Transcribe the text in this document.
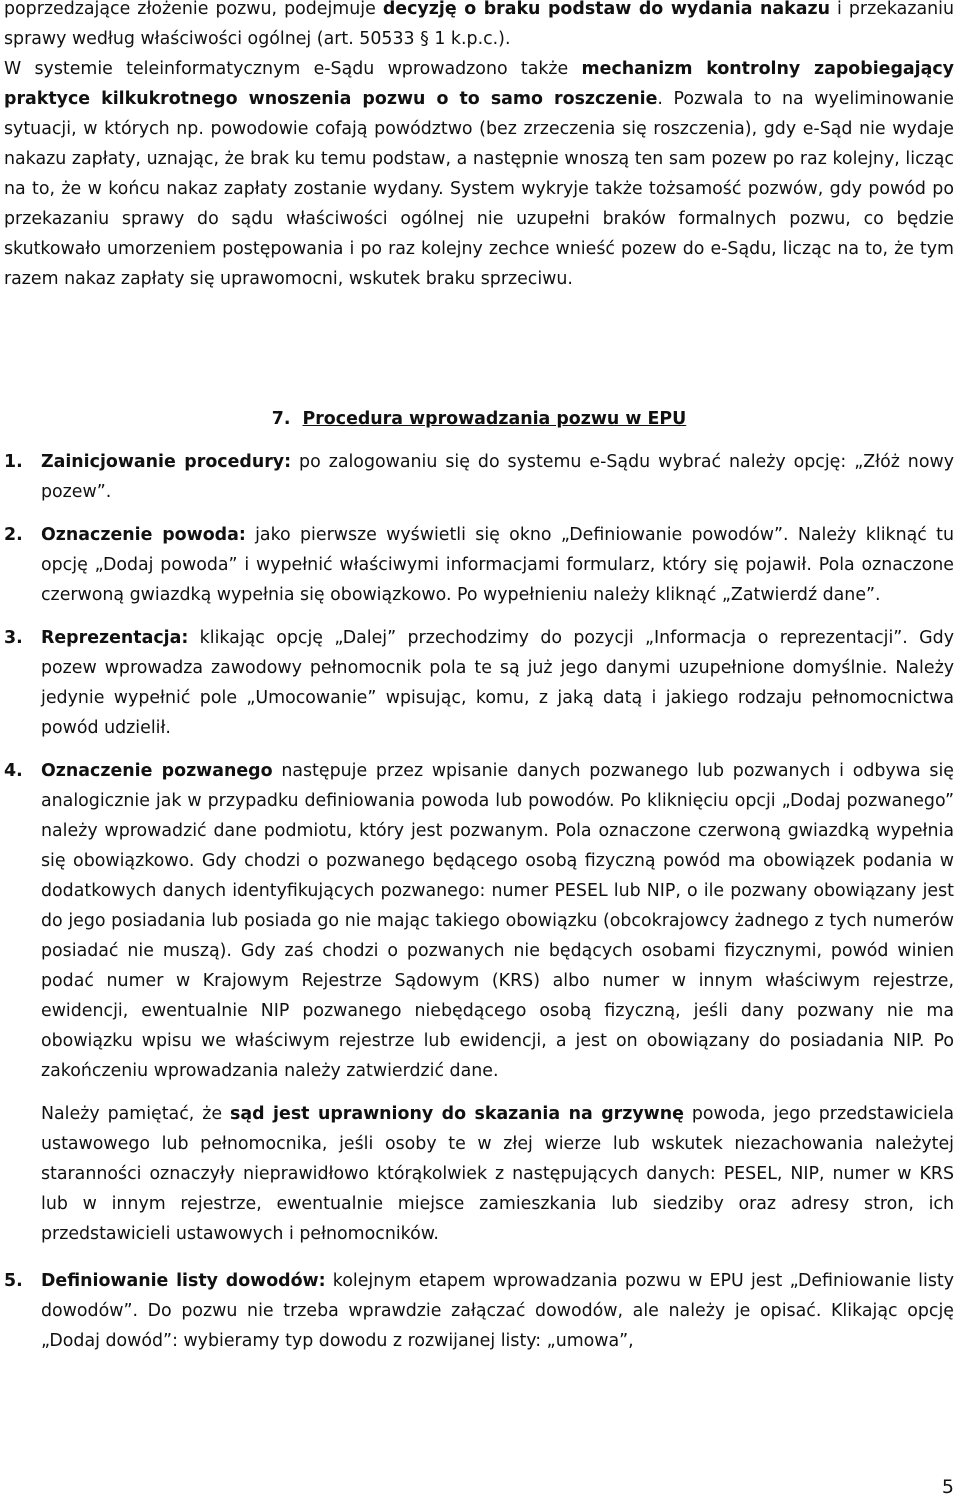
poprzedzające złożenie pozwu, podejmuje decyzję o braku podstaw do wydania nakazu i przekazaniu sprawy według właściwości ogólnej (art. 50533 § 1 k.p.c.).

W systemie teleinformatycznym e-Sądu wprowadzono także mechanizm kontrolny zapobiegający praktyce kilkukrotnego wnoszenia pozwu o to samo roszczenie. Pozwala to na wyeliminowanie sytuacji, w których np. powodowie cofają powództwo (bez zrzeczenia się roszczenia), gdy e-Sąd nie wydaje nakazu zapłaty, uznając, że brak ku temu podstaw, a następnie wnoszą ten sam pozew po raz kolejny, licząc na to, że w końcu nakaz zapłaty zostanie wydany. System wykryje także tożsamość pozwów, gdy powód po przekazaniu sprawy do sądu właściwości ogólnej nie uzupełni braków formalnych pozwu, co będzie skutkowało umorzeniem postępowania i po raz kolejny zechce wnieść pozew do e-Sądu, licząc na to, że tym razem nakaz zapłaty się uprawomocni, wskutek braku sprzeciwu.

7. Procedura wprowadzania pozwu w EPU
1.	Zainicjowanie procedury: po zalogowaniu się do systemu e-Sądu wybrać należy opcję: „Złóż nowy pozew”.
2.	Oznaczenie powoda: jako pierwsze wyświetli się okno „Definiowanie powodów”. Należy kliknąć tu opcję „Dodaj powoda” i wypełnić właściwymi informacjami formularz, który się pojawił. Pola oznaczone czerwoną gwiazdką wypełnia się obowiązkowo. Po wypełnieniu należy kliknąć „Zatwierdź dane”.
3.	Reprezentacja: klikając opcję „Dalej” przechodzimy do pozycji „Informacja o reprezentacji”. Gdy pozew wprowadza zawodowy pełnomocnik pola te są już jego danymi uzupełnione domyślnie. Należy jedynie wypełnić pole „Umocowanie” wpisując, komu, z jaką datą i jakiego rodzaju pełnomocnictwa powód udzielił.
4.	Oznaczenie pozwanego następuje przez wpisanie danych pozwanego lub pozwanych i odbywa się analogicznie jak w przypadku definiowania powoda lub powodów. Po kliknięciu opcji „Dodaj pozwanego” należy wprowadzić dane podmiotu, który jest pozwanym. Pola oznaczone czerwoną gwiazdką wypełnia się obowiązkowo. Gdy chodzi o pozwanego będącego osobą fizyczną powód ma obowiązek podania w dodatkowych danych identyfikujących pozwanego: numer PESEL lub NIP, o ile pozwany obowiązany jest do jego posiadania lub posiada go nie mając takiego obowiązku (obcokrajowcy żadnego z tych numerów posiadać nie muszą). Gdy zaś chodzi o pozwanych nie będących osobami fizycznymi, powód winien podać numer w Krajowym Rejestrze Sądowym (KRS) albo numer w innym właściwym rejestrze, ewidencji, ewentualnie NIP pozwanego niebędącego osobą fizyczną, jeśli dany pozwany nie ma obowiązku wpisu we właściwym rejestrze lub ewidencji, a jest on obowiązany do posiadania NIP. Po zakończeniu wprowadzania należy zatwierdzić dane.

Należy pamiętać, że sąd jest uprawniony do skazania na grzywnę powoda, jego przedstawiciela ustawowego lub pełnomocnika, jeśli osoby te w złej wierze lub wskutek niezachowania należytej staranności oznaczyły nieprawidłowo którąkolwiek z następujących danych: PESEL, NIP, numer w KRS lub w innym rejestrze, ewentualnie miejsce zamieszkania lub siedziby oraz adresy stron, ich przedstawicieli ustawowych i pełnomocników.

5.	Definiowanie listy dowodów: kolejnym etapem wprowadzania pozwu w EPU jest „Definiowanie listy dowodów”. Do pozwu nie trzeba wprawdzie załączać dowodów, ale należy je opisać. Klikając opcję „Dodaj dowód”: wybieramy typ dowodu z rozwijanej listy: „umowa”,
5
